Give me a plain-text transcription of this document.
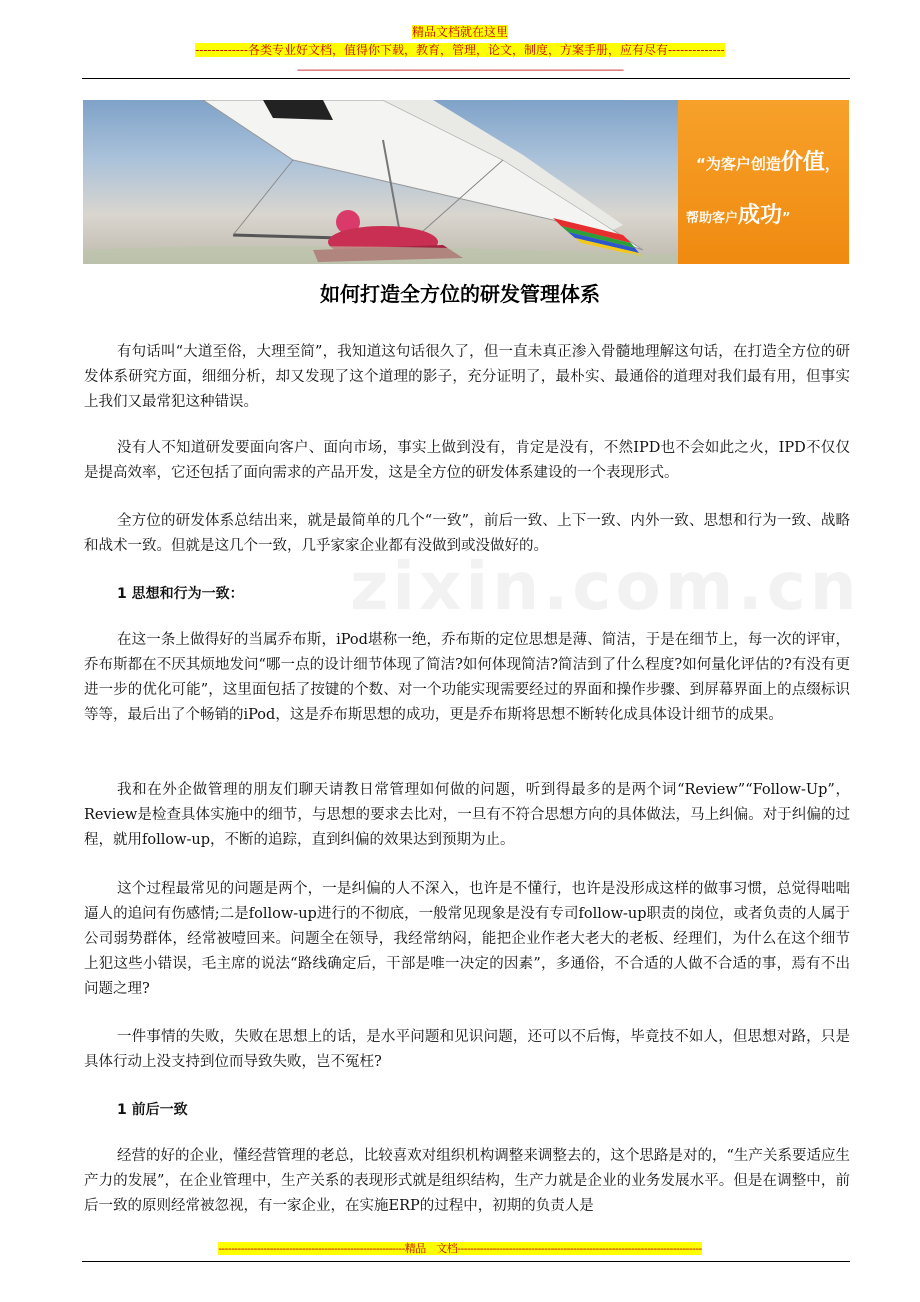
精品文档就在这里
-------------各类专业好文档，值得你下载，教育，管理，论文，制度，方案手册，应有尽有--------------
-----------------------------------------------------------------------------------------------------------------------------------------
“为客户创造价值，
帮助客户成功”
如何打造全方位的研发管理体系
zixin.com.cn

有句话叫“大道至俗，大理至简”，我知道这句话很久了，但一直未真正渗入骨髓地理解这句话，在打造全方位的研发体系研究方面，细细分析，却又发现了这个道理的影子，充分证明了，最朴实、最通俗的道理对我们最有用，但事实上我们又最常犯这种错误。

没有人不知道研发要面向客户、面向市场，事实上做到没有，肯定是没有，不然IPD也不会如此之火，IPD不仅仅是提高效率，它还包括了面向需求的产品开发，这是全方位的研发体系建设的一个表现形式。

全方位的研发体系总结出来，就是最简单的几个“一致”，前后一致、上下一致、内外一致、思想和行为一致、战略和战术一致。但就是这几个一致，几乎家家企业都有没做到或没做好的。

1 思想和行为一致：

在这一条上做得好的当属乔布斯，iPod堪称一绝，乔布斯的定位思想是薄、简洁，于是在细节上，每一次的评审，乔布斯都在不厌其烦地发问“哪一点的设计细节体现了简洁?如何体现简洁?简洁到了什么程度?如何量化评估的?有没有更进一步的优化可能”，这里面包括了按键的个数、对一个功能实现需要经过的界面和操作步骤、到屏幕界面上的点缀标识等等，最后出了个畅销的iPod，这是乔布斯思想的成功，更是乔布斯将思想不断转化成具体设计细节的成果。

我和在外企做管理的朋友们聊天请教日常管理如何做的问题，听到得最多的是两个词“Review”“Follow-Up”，Review是检查具体实施中的细节，与思想的要求去比对，一旦有不符合思想方向的具体做法，马上纠偏。对于纠偏的过程，就用follow-up，不断的追踪，直到纠偏的效果达到预期为止。

这个过程最常见的问题是两个，一是纠偏的人不深入，也许是不懂行，也许是没形成这样的做事习惯，总觉得咄咄逼人的追问有伤感情;二是follow-up进行的不彻底，一般常见现象是没有专司follow-up职责的岗位，或者负责的人属于公司弱势群体，经常被噎回来。问题全在领导，我经常纳闷，能把企业作老大老大的老板、经理们，为什么在这个细节上犯这些小错误，毛主席的说法“路线确定后，干部是唯一决定的因素”，多通俗，不合适的人做不合适的事，焉有不出问题之理?

一件事情的失败，失败在思想上的话，是水平问题和见识问题，还可以不后悔，毕竟技不如人，但思想对路，只是具体行动上没支持到位而导致失败，岂不冤枉?

1 前后一致

经营的好的企业，懂经营管理的老总，比较喜欢对组织机构调整来调整去的，这个思路是对的，“生产关系要适应生产力的发展”，在企业管理中，生产关系的表现形式就是组织结构，生产力就是企业的业务发展水平。但是在调整中，前后一致的原则经常被忽视，有一家企业，在实施ERP的过程中，初期的负责人是

----------------------------------------------------------精品　文档----------------------------------------------------------------------------
